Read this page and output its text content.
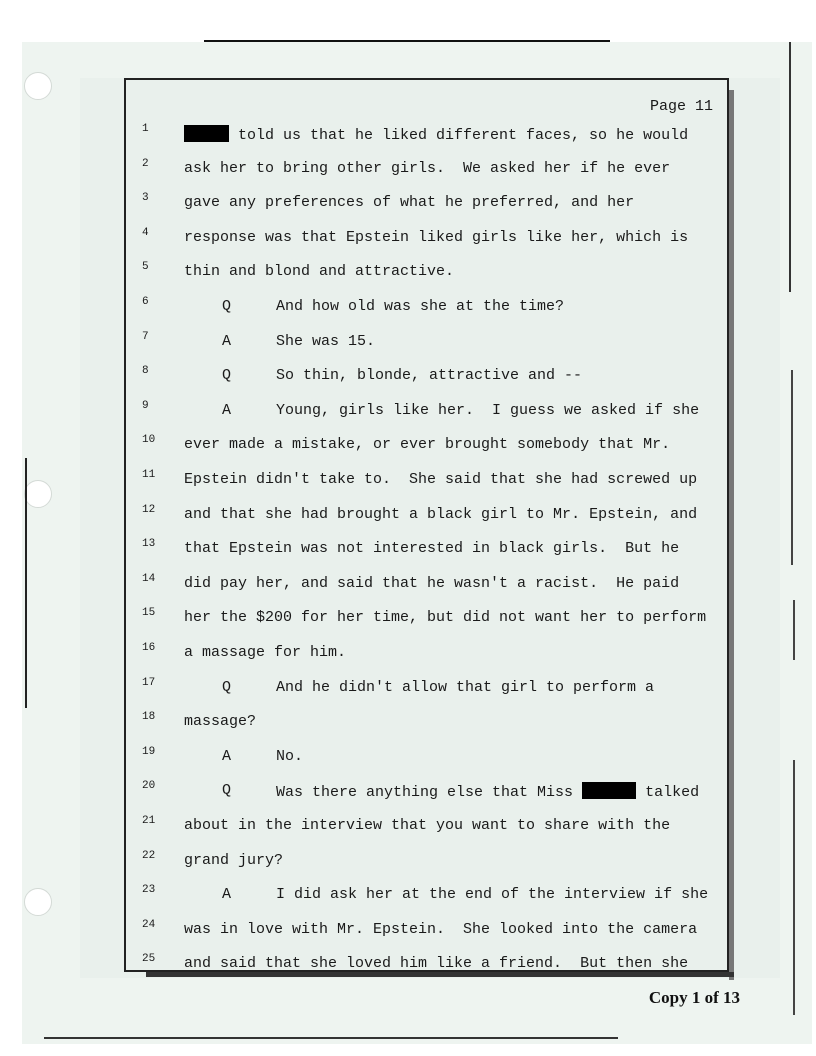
Page 11
1	told us that he liked different faces, so he would
2	ask her to bring other girls.  We asked her if he ever
3	gave any preferences of what he preferred, and her
4	response was that Epstein liked girls like her, which is
5	thin and blond and attractive.
6	Q	And how old was she at the time?
7	A	She was 15.
8	Q	So thin, blonde, attractive and --
9	A	Young, girls like her.  I guess we asked if she
10	ever made a mistake, or ever brought somebody that Mr.
11	Epstein didn't take to.  She said that she had screwed up
12	and that she had brought a black girl to Mr. Epstein, and
13	that Epstein was not interested in black girls.  But he
14	did pay her, and said that he wasn't a racist.  He paid
15	her the $200 for her time, but did not want her to perform
16	a massage for him.
17	Q	And he didn't allow that girl to perform a
18	massage?
19	A	No.
20	Q	Was there anything else that Miss	talked
21	about in the interview that you want to share with the
22	grand jury?
23	A	I did ask her at the end of the interview if she
24	was in love with Mr. Epstein.  She looked into the camera
25	and said that she loved him like a friend.  But then she
Copy 1 of 13
